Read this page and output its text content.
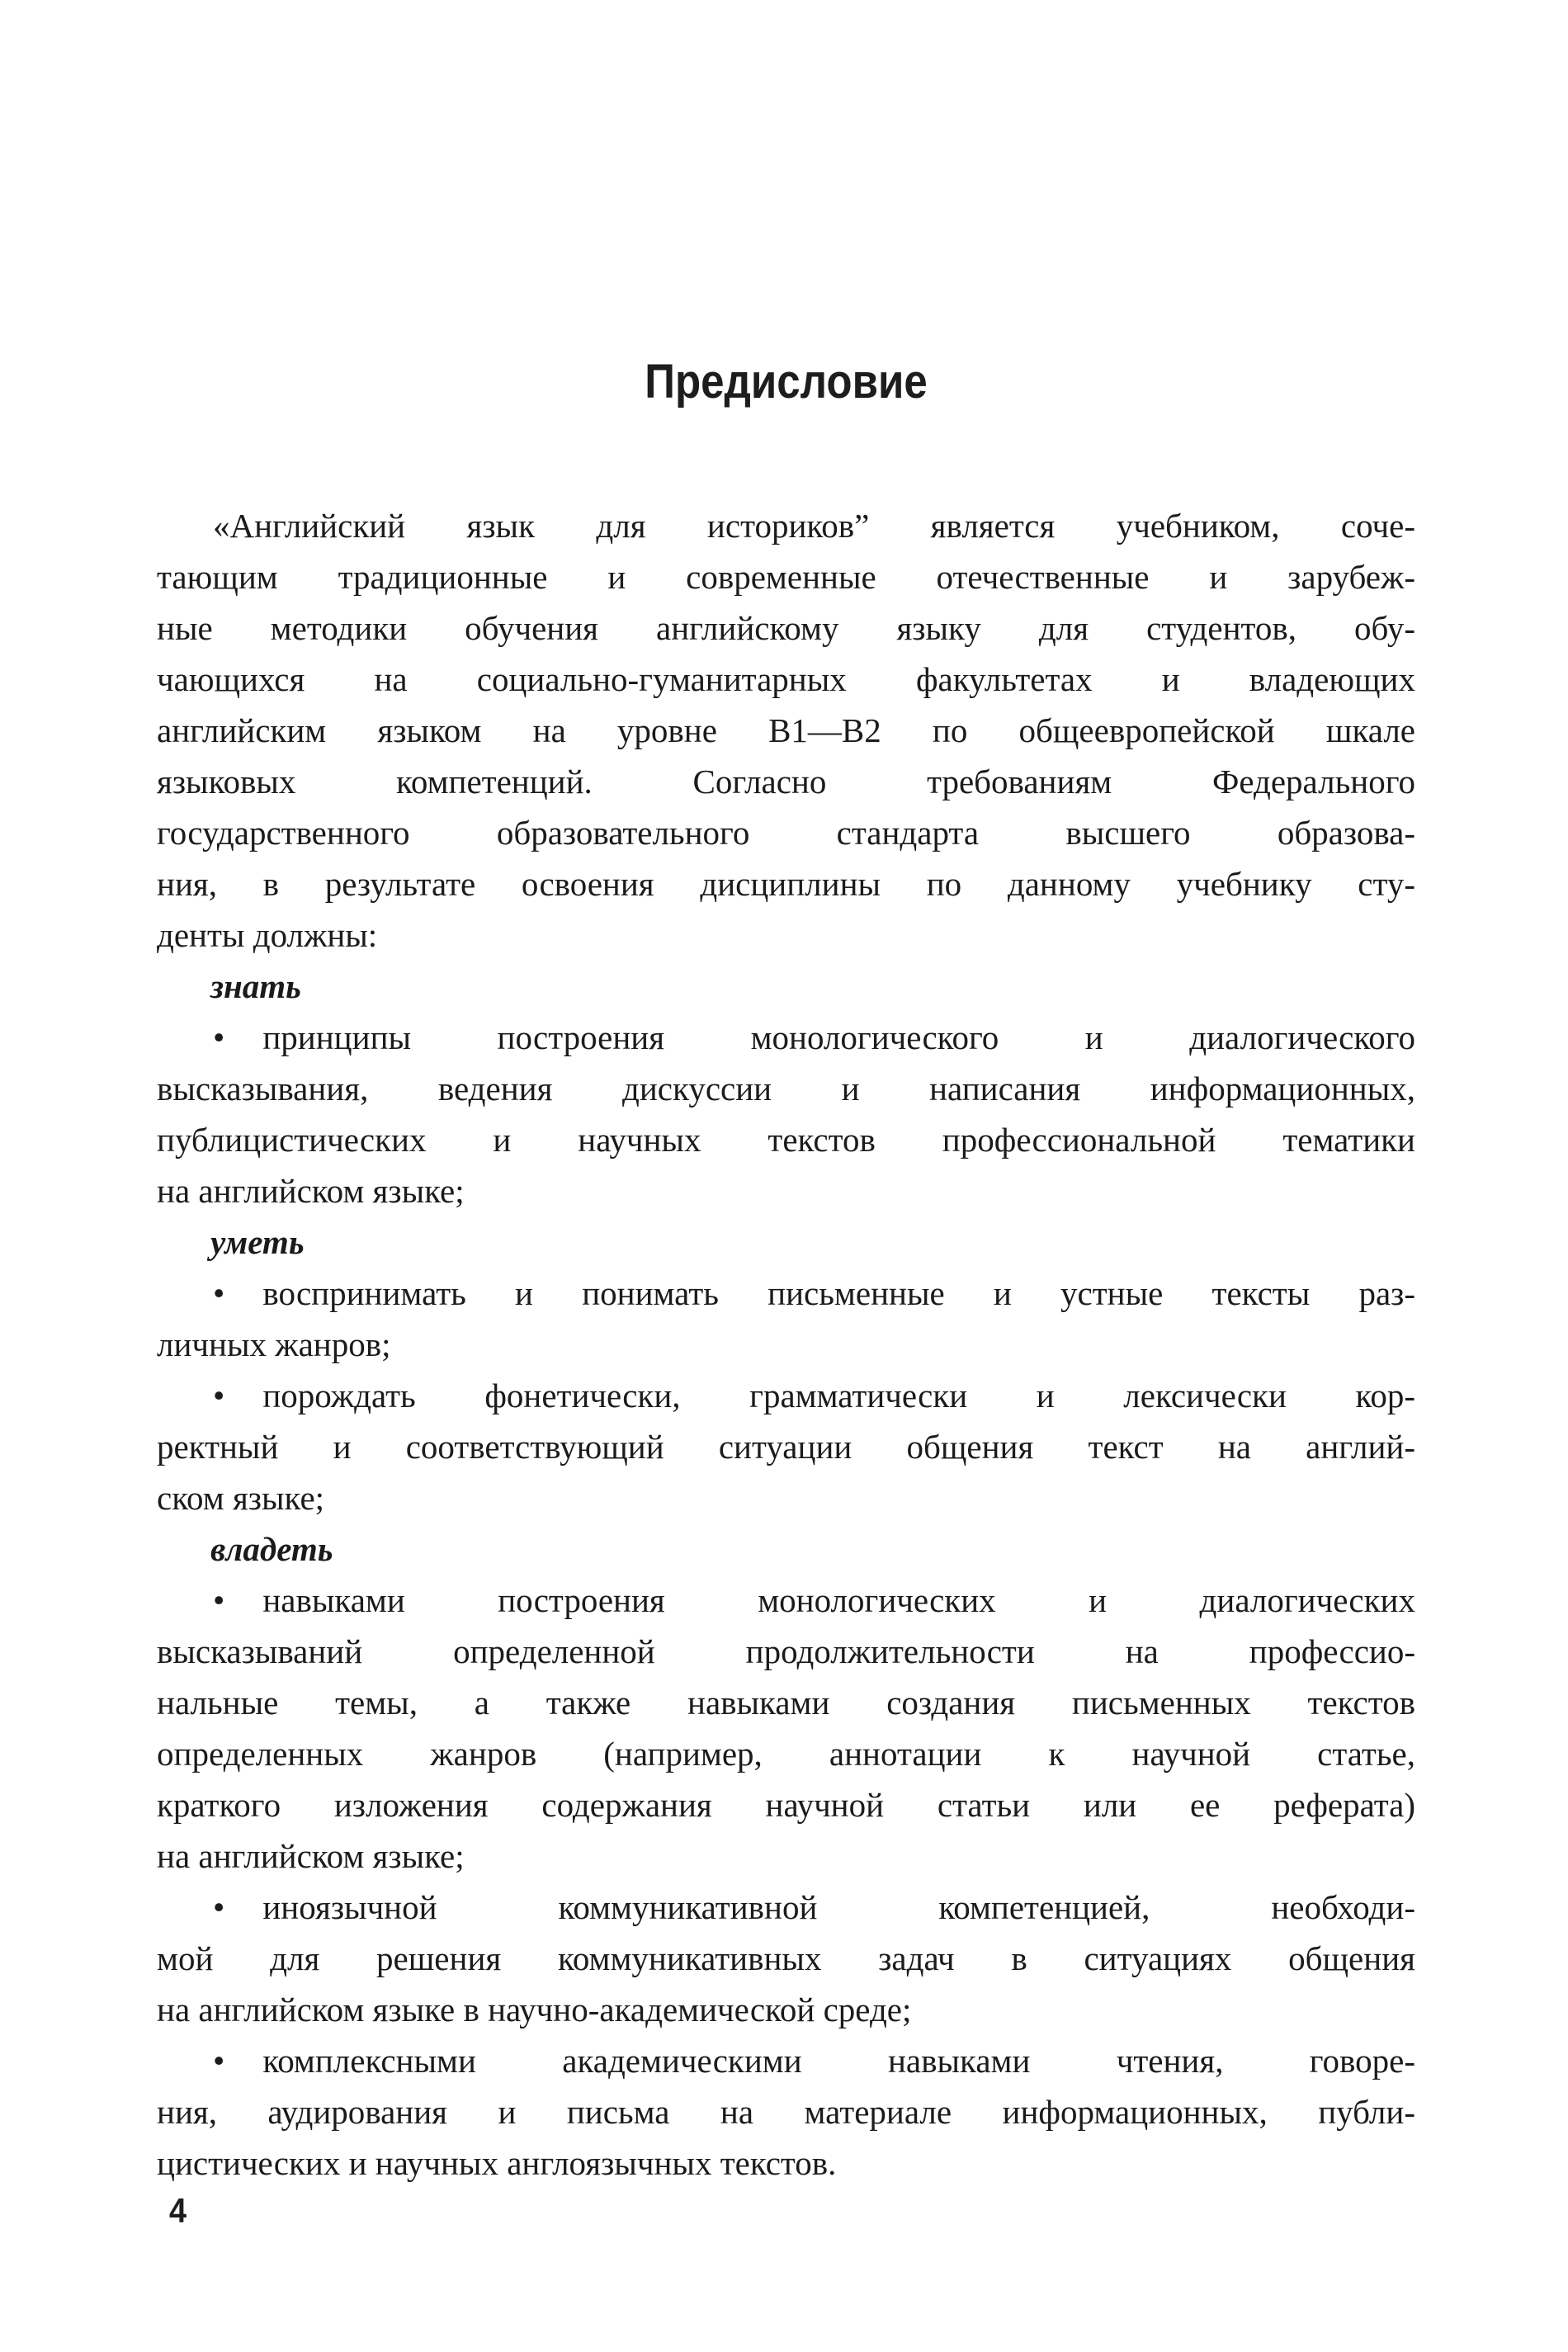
Предисловие
«Английский язык для историков” является учебником, соче-
тающим традиционные и современные отечественные и зарубеж-
ные методики обучения английскому языку для студентов, обу-
чающихся на социально-гуманитарных факультетах и владеющих
английским языком на уровне B1—B2 по общеевропейской шкале
языковых компетенций. Согласно требованиям Федерального
государственного образовательного стандарта высшего образова-
ния, в результате освоения дисциплины по данному учебнику сту-
денты должны:
знать
• принципы построения монологического и диалогического
высказывания, ведения дискуссии и написания информационных,
публицистических и научных текстов профессиональной тематики
на английском языке;
уметь
• воспринимать и понимать письменные и устные тексты раз-
личных жанров;
• порождать фонетически, грамматически и лексически кор-
ректный и соответствующий ситуации общения текст на англий-
ском языке;
владеть
• навыками построения монологических и диалогических
высказываний определенной продолжительности на профессио-
нальные темы, а также навыками создания письменных текстов
определенных жанров (например, аннотации к научной статье,
краткого изложения содержания научной статьи или ее реферата)
на английском языке;
• иноязычной коммуникативной компетенцией, необходи-
мой для решения коммуникативных задач в ситуациях общения
на английском языке в научно-академической среде;
• комплексными академическими навыками чтения, говоре-
ния, аудирования и письма на материале информационных, публи-
цистических и научных англоязычных текстов.
4
